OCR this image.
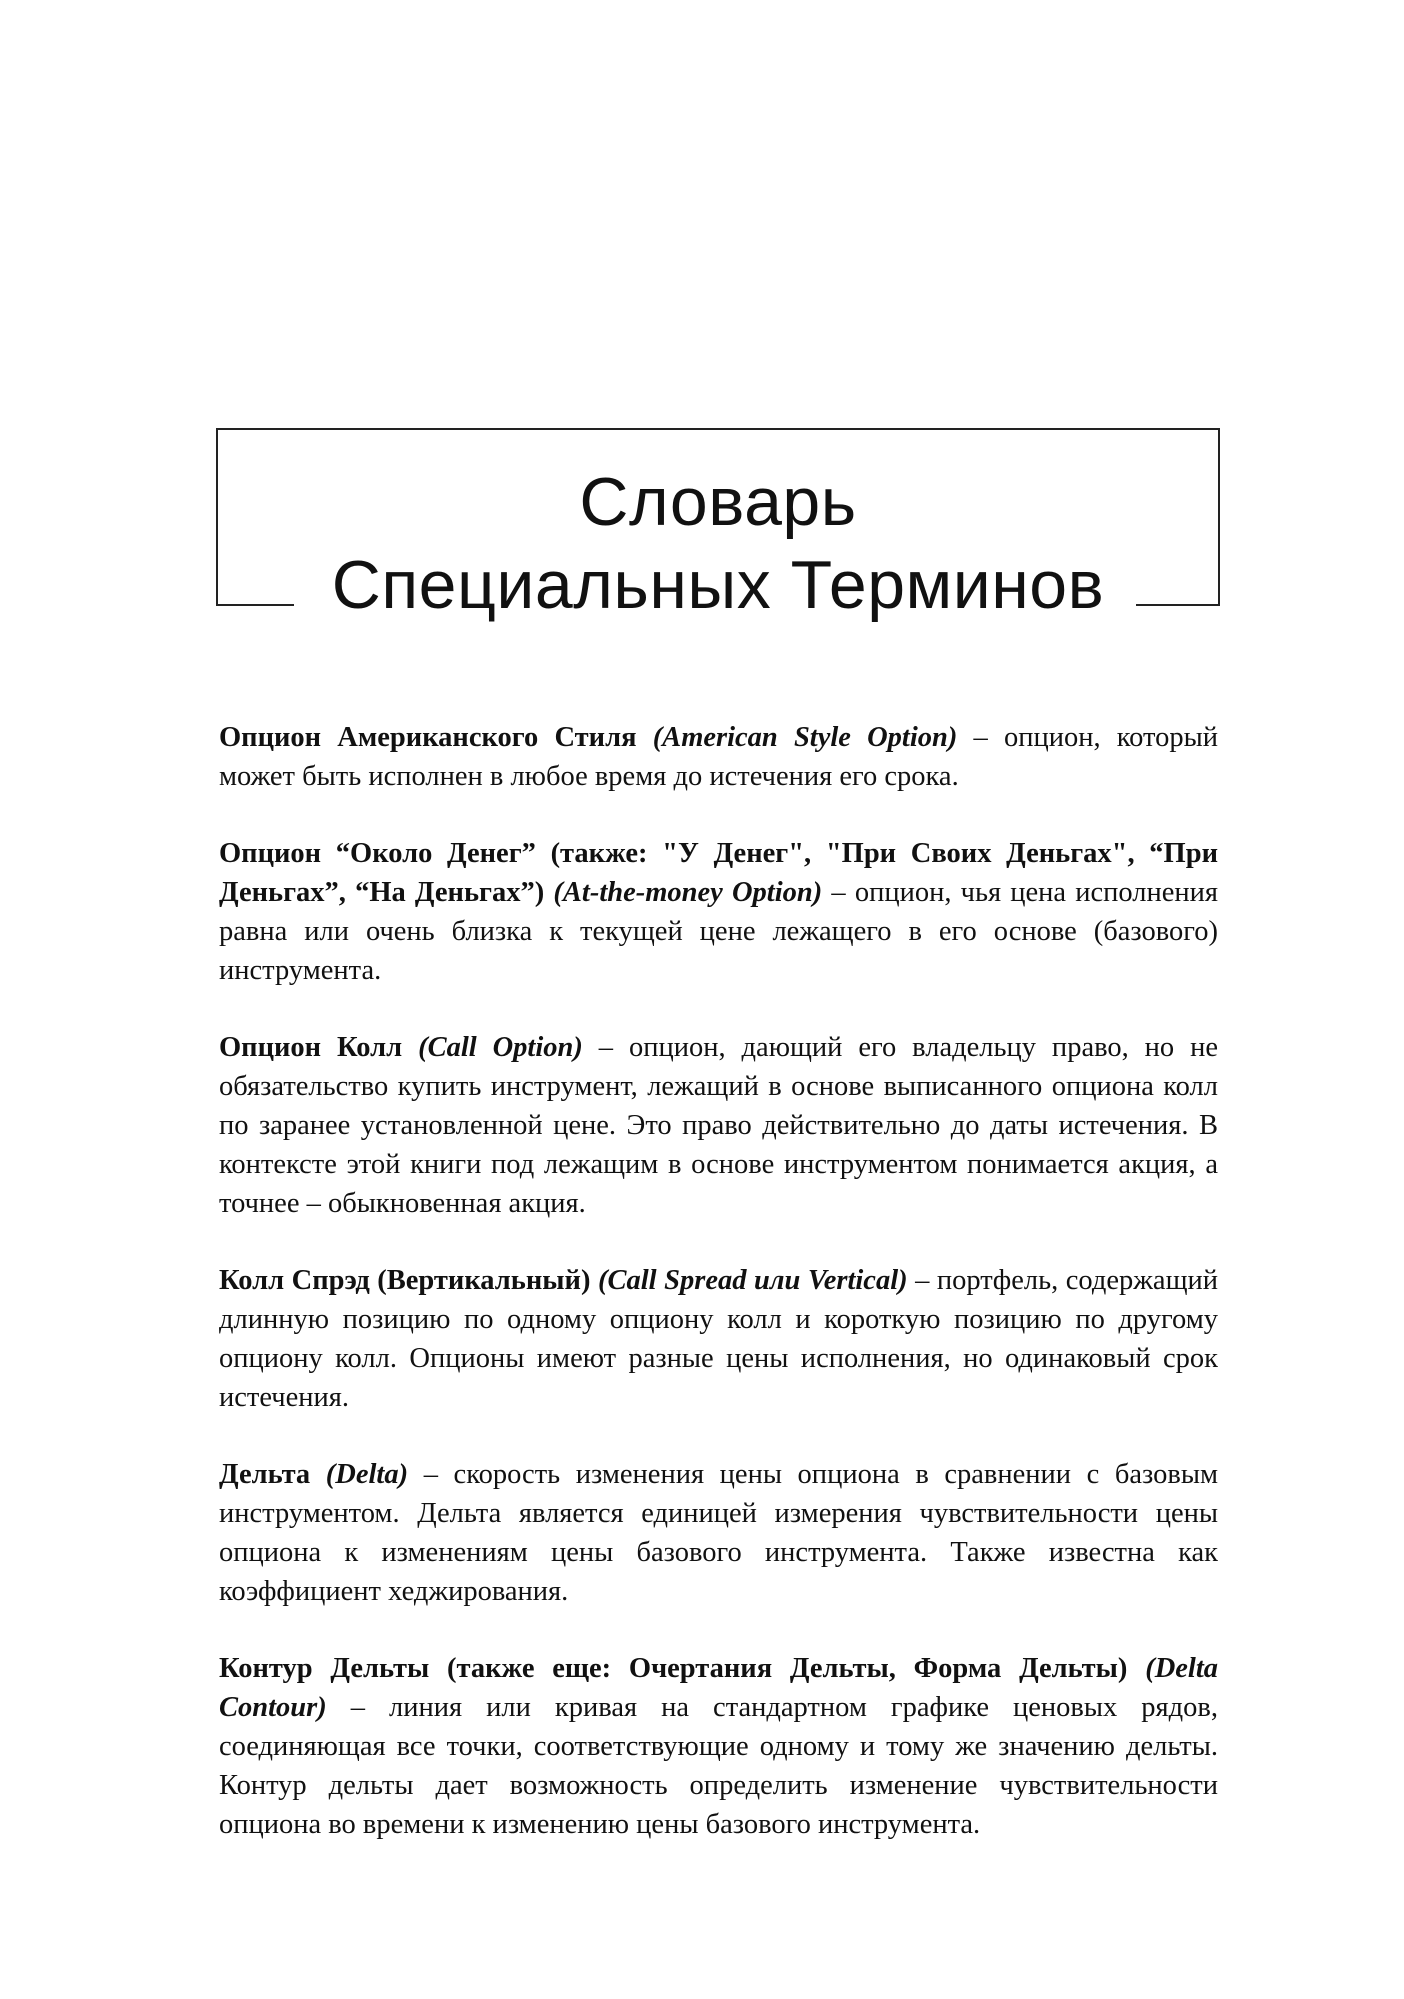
Словарь
Специальных Терминов

Опцион Американского Стиля (American Style Option) – опцион, который может быть исполнен в любое время до истечения его срока.

Опцион “Около Денег” (также: "У Денег", "При Своих Деньгах", “При Деньгах”, “На Деньгах”) (At-the-money Option) – опцион, чья цена исполнения равна или очень близка к текущей цене лежащего в его основе (базового) инструмента.

Опцион Колл (Call Option) – опцион, дающий его владельцу право, но не обязательство купить инструмент, лежащий в основе выписанного опциона колл по заранее установленной цене. Это право действительно до даты истечения. В контексте этой книги под лежащим в основе инструментом понимается акция, а точнее – обыкновенная акция.

Колл Спрэд (Вертикальный) (Call Spread или Vertical) – портфель, содержащий длинную позицию по одному опциону колл и короткую позицию по другому опциону колл. Опционы имеют разные цены исполнения, но одинаковый срок истечения.

Дельта (Delta) – скорость изменения цены опциона в сравнении с базовым инструментом. Дельта является единицей измерения чувствительности цены опциона к изменениям цены базового инструмента. Также известна как коэффициент хеджирования.

Контур Дельты (также еще: Очертания Дельты, Форма Дельты) (Delta Contour) – линия или кривая на стандартном графике ценовых рядов, соединяющая все точки, соответствующие одному и тому же значению дельты. Контур дельты дает возможность определить изменение чувствительности опциона во времени к изменению цены базового инструмента.
